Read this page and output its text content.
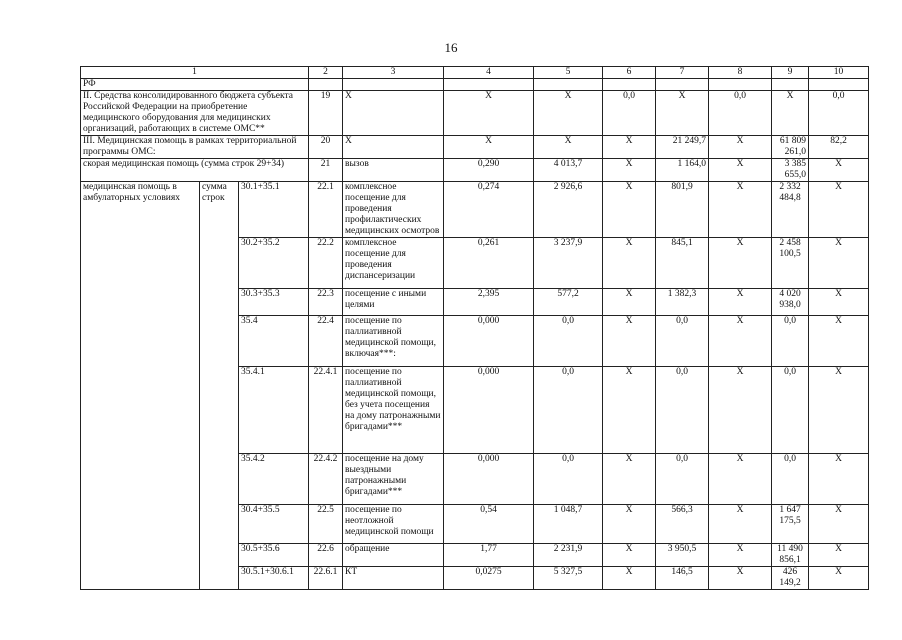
16
1			2	3	4	5	6	7	8	9	10
РФ											
II. Средства консолидированного бюджета субъекта Российской Федерации на приобретение медицинского оборудования для медицинских организаций, работающих в системе ОМС**			19	X	X	X	0,0	X	0,0	X	0,0
III. Медицинская помощь в рамках территориальной программы ОМС:			20	X	X	X	X	21 249,7	X	61 809 261,0	82,2
скорая медицинская помощь (сумма строк 29+34)			21	вызов	0,290	4 013,7	X	1 164,0	X	3 385 655,0	X
медицинская помощь в амбулаторных условиях	сумма строк	30.1+35.1	22.1	комплексное посещение для проведения профилактических медицинских осмотров	0,274	2 926,6	X	801,9	X	2 332 484,8	X
		30.2+35.2	22.2	комплексное посещение для проведения диспансеризации	0,261	3 237,9	X	845,1	X	2 458 100,5	X
		30.3+35.3	22.3	посещение с иными целями	2,395	577,2	X	1 382,3	X	4 020 938,0	X
		35.4	22.4	посещение по паллиативной медицинской помощи, включая***:	0,000	0,0	X	0,0	X	0,0	X
		35.4.1	22.4.1	посещение по паллиативной медицинской помощи, без учета посещения на дому патронажными бригадами***	0,000	0,0	X	0,0	X	0,0	X
		35.4.2	22.4.2	посещение на дому выездными патронажными бригадами***	0,000	0,0	X	0,0	X	0,0	X
		30.4+35.5	22.5	посещение по неотложной медицинской помощи	0,54	1 048,7	X	566,3	X	1 647 175,5	X
		30.5+35.6	22.6	обращение	1,77	2 231,9	X	3 950,5	X	11 490 856,1	X
		30.5.1+30.6.1	22.6.1	КТ	0,0275	5 327,5	X	146,5	X	426 149,2	X
